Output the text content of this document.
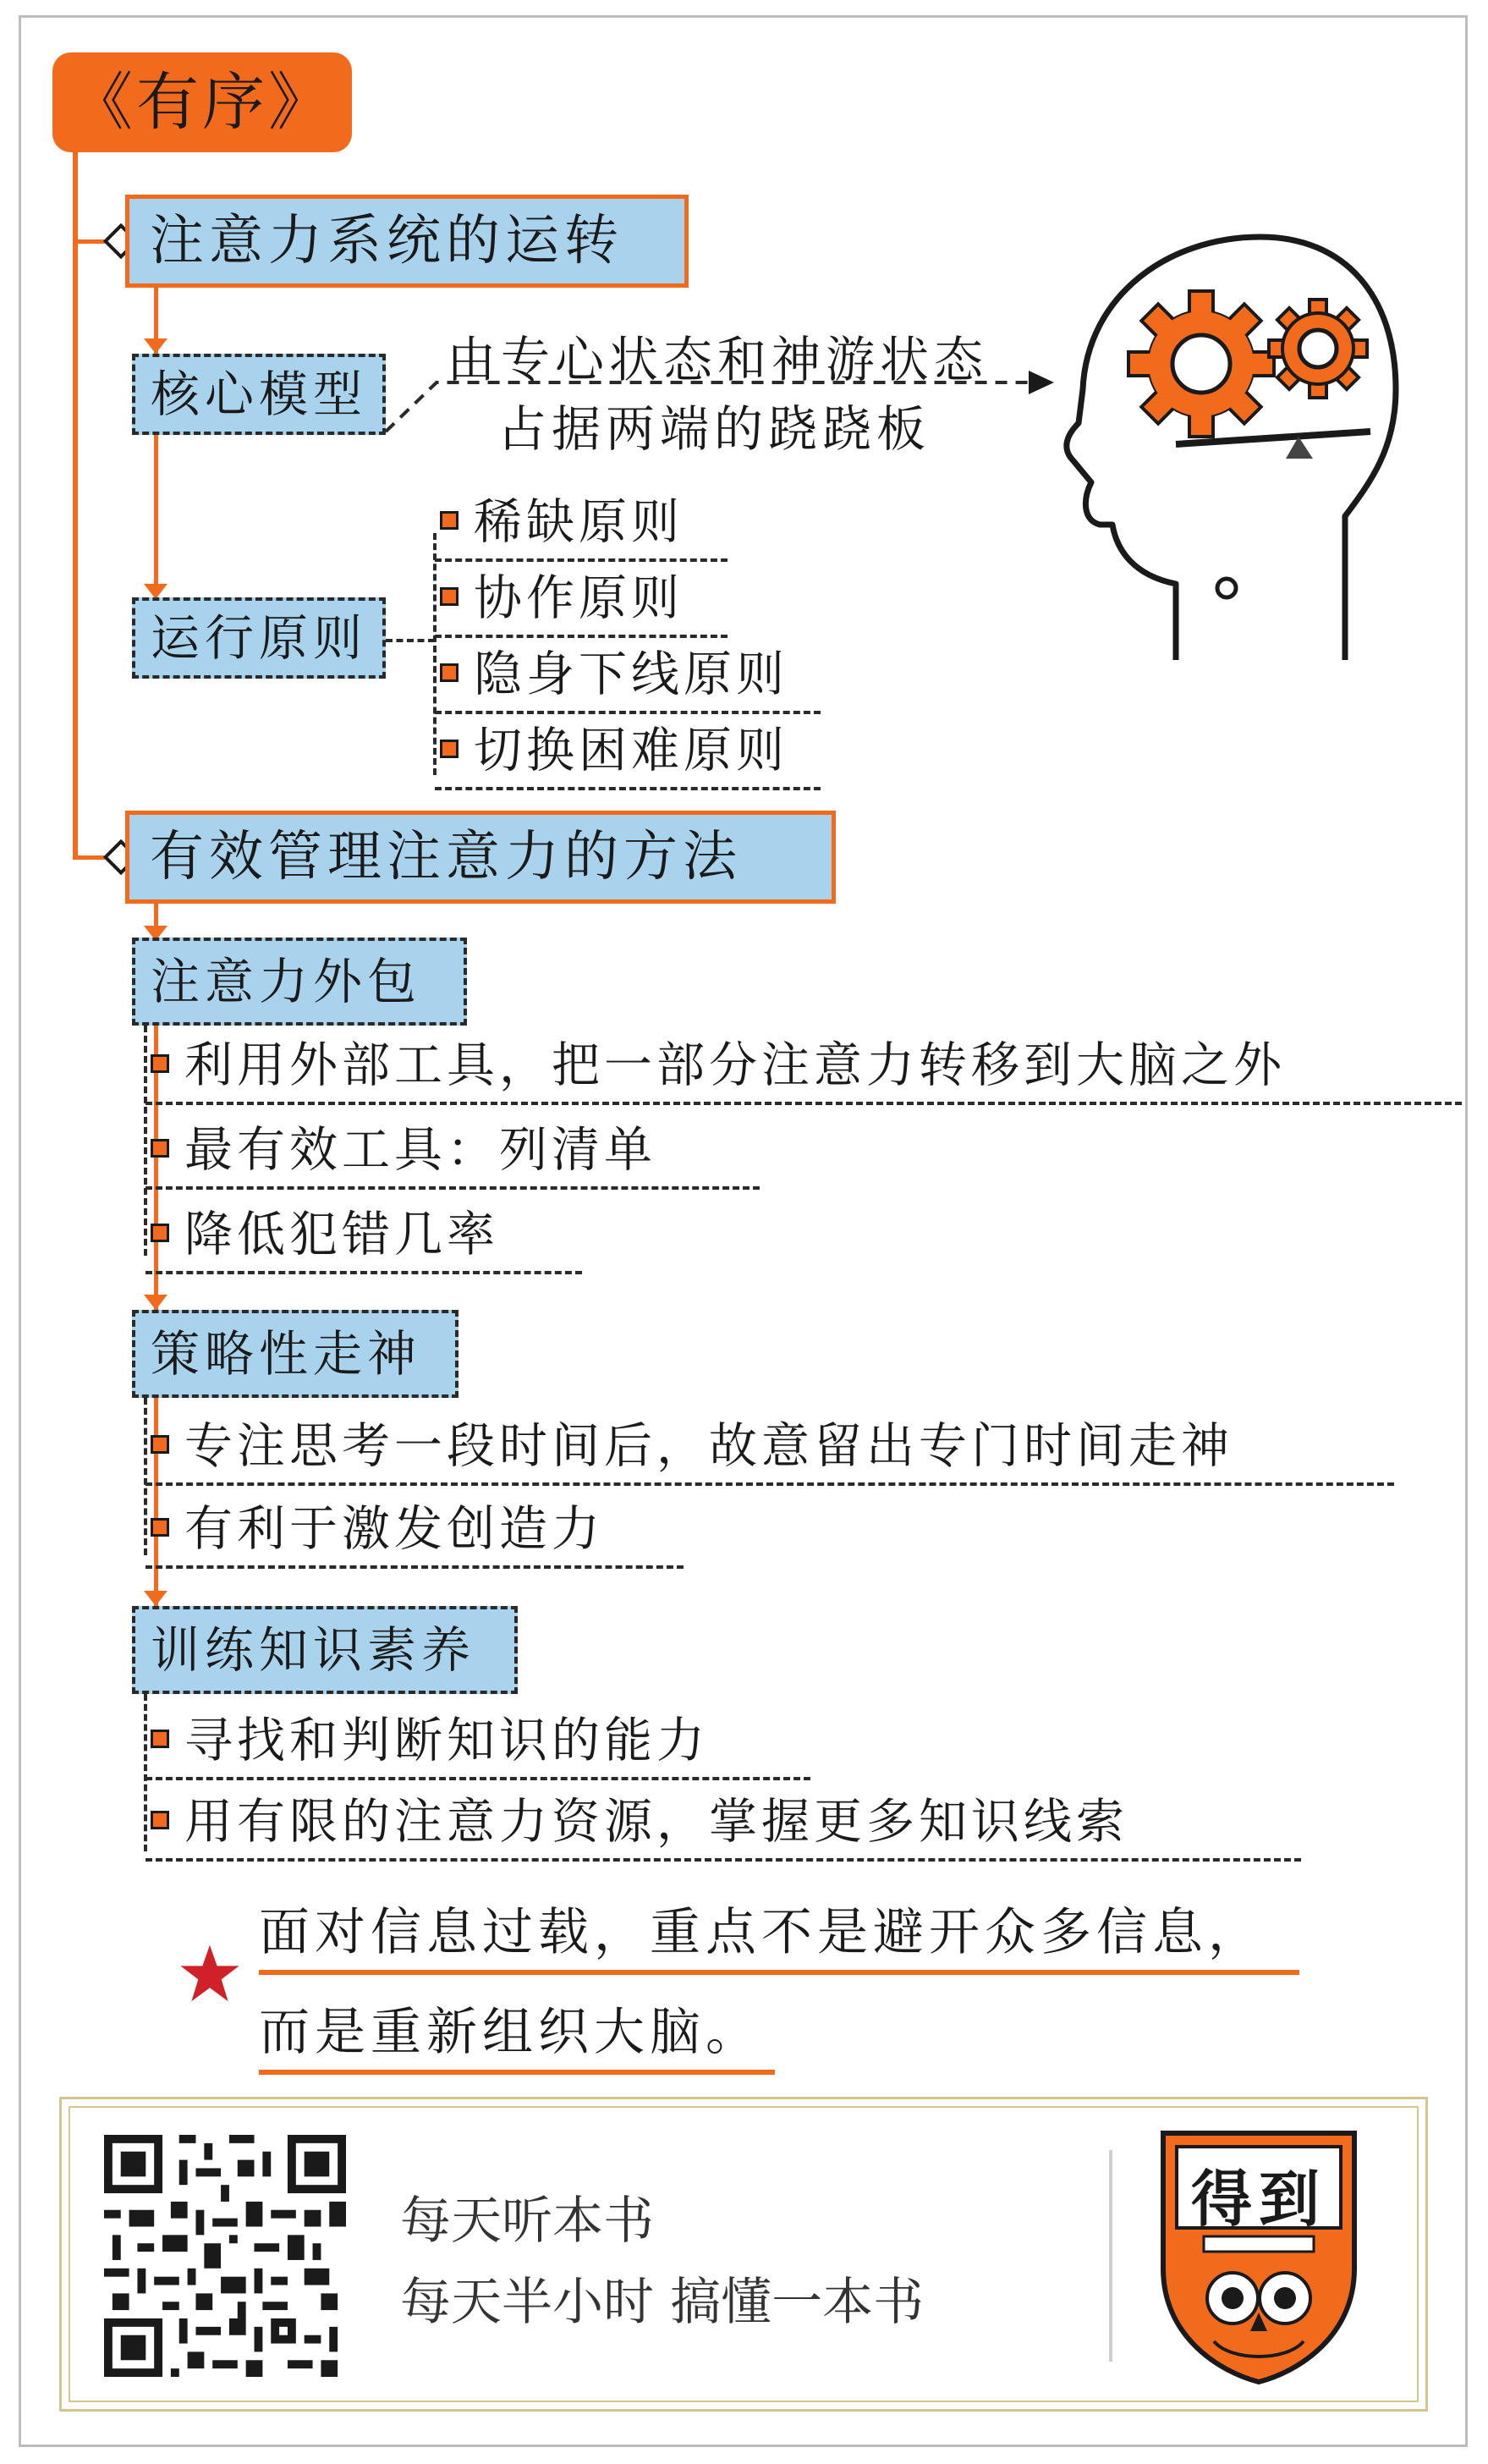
《有序》
注意力系统的运转
核心模型
由专心状态和神游状态
占据两端的跷跷板
运行原则
稀缺原则
协作原则
隐身下线原则
切换困难原则
有效管理注意力的方法
注意力外包
利用外部工具，把一部分注意力转移到大脑之外
最有效工具：列清单
降低犯错几率
策略性走神
专注思考一段时间后，故意留出专门时间走神
有利于激发创造力
训练知识素养
寻找和判断知识的能力
用有限的注意力资源，掌握更多知识线索
面对信息过载，重点不是避开众多信息，
而是重新组织大脑。
每天听本书
每天半小时 搞懂一本书
得到
